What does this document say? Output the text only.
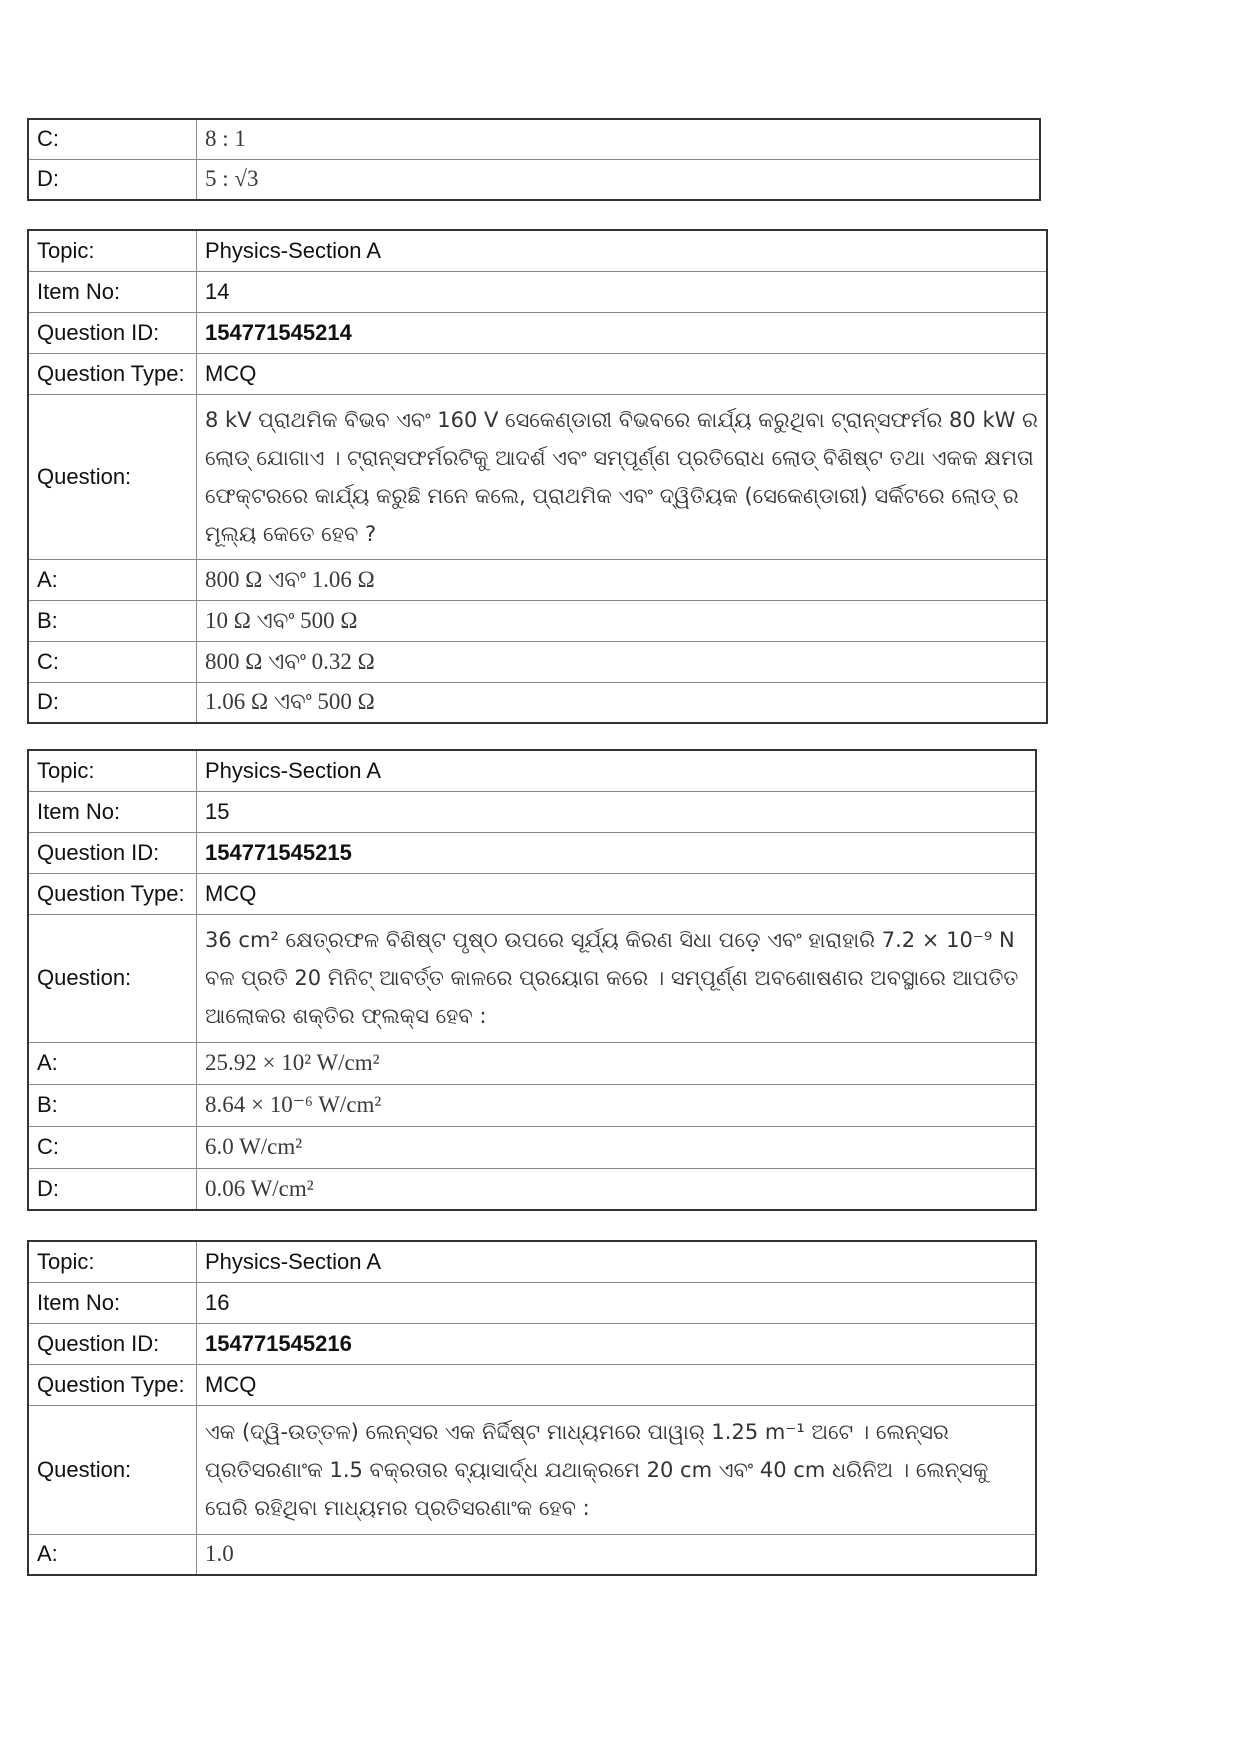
C:	8 : 1
D:	5 : √3
Topic:	Physics-Section A
Item No:	14
Question ID:	154771545214
Question Type:	MCQ
Question:	8 kV ପ୍ରାଥମିକ ବିଭବ ଏବଂ 160 V ସେକେଣ୍ଡାରୀ ବିଭବରେ କାର୍ଯ୍ୟ କରୁଥିବା ଟ୍ରାନ୍ସଫର୍ମର 80 kW ର ଲୋଡ୍ ଯୋଗାଏ । ଟ୍ରାନ୍ସଫର୍ମରଟିକୁ ଆଦର୍ଶ ଏବଂ ସମ୍ପୂର୍ଣ୍ଣ ପ୍ରତିରୋଧ ଲୋଡ୍ ବିଶିଷ୍ଟ ତଥା ଏକକ କ୍ଷମତା ଫେକ୍ଟରରେ କାର୍ଯ୍ୟ କରୁଛି ମନେ କଲେ, ପ୍ରାଥମିକ ଏବଂ ଦ୍ୱିତିୟକ (ସେକେଣ୍ଡାରୀ) ସର୍କିଟରେ ଲୋଡ୍ ର ମୂଲ୍ୟ କେତେ ହେବ ?
A:	800 Ω ଏବଂ 1.06 Ω
B:	10 Ω ଏବଂ 500 Ω
C:	800 Ω ଏବଂ 0.32 Ω
D:	1.06 Ω ଏବଂ 500 Ω
Topic:	Physics-Section A
Item No:	15
Question ID:	154771545215
Question Type:	MCQ
Question:	36 cm² କ୍ଷେତ୍ରଫଳ ବିଶିଷ୍ଟ ପୃଷ୍ଠ ଉପରେ ସୂର୍ଯ୍ୟ କିରଣ ସିଧା ପଡ଼େ ଏବଂ ହାରାହାରି 7.2 × 10⁻⁹ N ବଳ ପ୍ରତି 20 ମିନିଟ୍ ଆବର୍ତ୍ତ କାଳରେ ପ୍ରୟୋଗ କରେ । ସମ୍ପୂର୍ଣ୍ଣ ଅବଶୋଷଣର ଅବସ୍ଥାରେ ଆପତିତ ଆଲୋକର ଶକ୍ତିର ଫ୍ଲକ୍ସ ହେବ :
A:	25.92 × 10² W/cm²
B:	8.64 × 10⁻⁶ W/cm²
C:	6.0 W/cm²
D:	0.06 W/cm²
Topic:	Physics-Section A
Item No:	16
Question ID:	154771545216
Question Type:	MCQ
Question:	ଏକ (ଦ୍ୱି-ଉତ୍ତଳ) ଲେନ୍ସର ଏକ ନିର୍ଦ୍ଦିଷ୍ଟ ମାଧ୍ୟମରେ ପାୱାର୍ 1.25 m⁻¹ ଅଟେ । ଲେନ୍ସର ପ୍ରତିସରଣାଂକ 1.5 ବକ୍ରତାର ବ୍ୟାସାର୍ଦ୍ଧ ଯଥାକ୍ରମେ 20 cm ଏବଂ 40 cm ଧରିନିଅ । ଲେନ୍ସକୁ ଘେରି ରହିଥିବା ମାଧ୍ୟମର ପ୍ରତିସରଣାଂକ ହେବ :
A:	1.0
